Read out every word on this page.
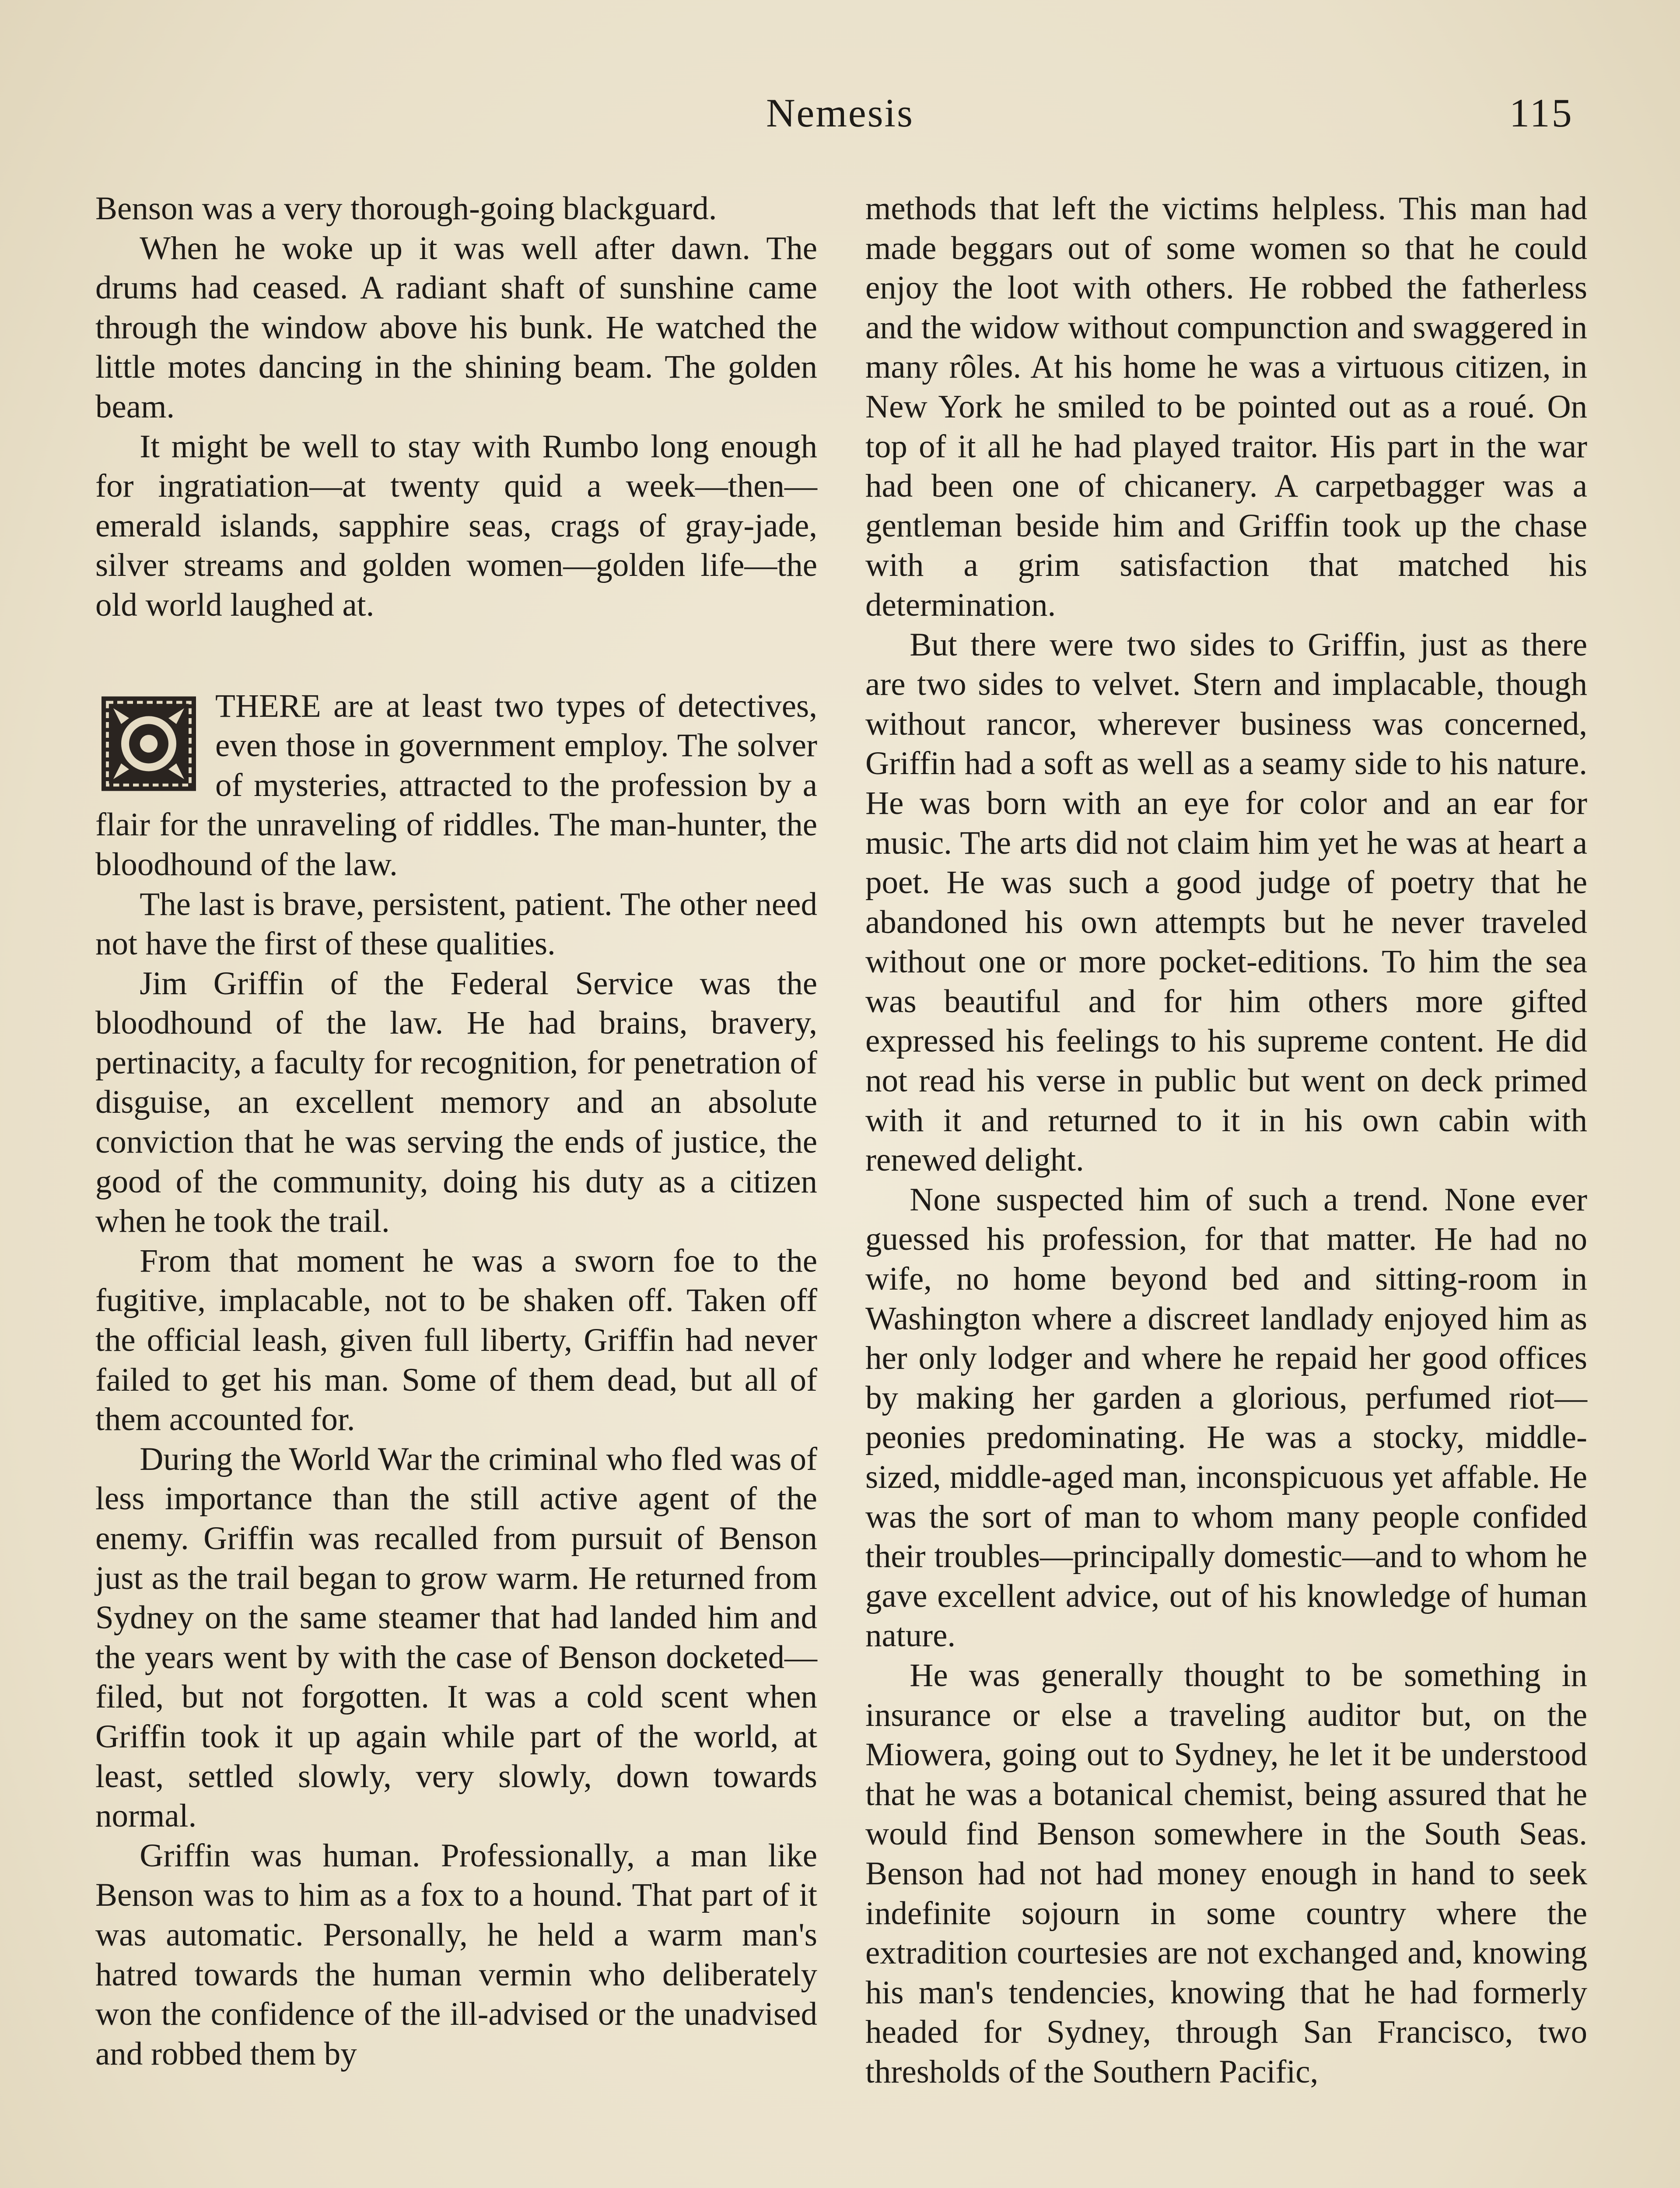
Nemesis	115

Benson was a very thorough-going blackguard.

When he woke up it was well after dawn. The drums had ceased. A radiant shaft of sunshine came through the window above his bunk. He watched the little motes dancing in the shining beam. The golden beam.

It might be well to stay with Rumbo long enough for ingratiation—at twenty quid a week—then—emerald islands, sapphire seas, crags of gray-jade, silver streams and golden women—golden life—the old world laughed at.

THERE are at least two types of detectives, even those in government employ. The solver of mysteries, attracted to the profession by a flair for the unraveling of riddles. The man-hunter, the bloodhound of the law.

The last is brave, persistent, patient. The other need not have the first of these qualities.

Jim Griffin of the Federal Service was the bloodhound of the law. He had brains, bravery, pertinacity, a faculty for recognition, for penetration of disguise, an excellent memory and an absolute conviction that he was serving the ends of justice, the good of the community, doing his duty as a citizen when he took the trail.

From that moment he was a sworn foe to the fugitive, implacable, not to be shaken off. Taken off the official leash, given full liberty, Griffin had never failed to get his man. Some of them dead, but all of them accounted for.

During the World War the criminal who fled was of less importance than the still active agent of the enemy. Griffin was recalled from pursuit of Benson just as the trail began to grow warm. He returned from Sydney on the same steamer that had landed him and the years went by with the case of Benson docketed—filed, but not forgotten. It was a cold scent when Griffin took it up again while part of the world, at least, settled slowly, very slowly, down towards normal.

Griffin was human. Professionally, a man like Benson was to him as a fox to a hound. That part of it was automatic. Personally, he held a warm man's hatred towards the human vermin who deliberately won the confidence of the ill-advised or the unadvised and robbed them by

methods that left the victims helpless. This man had made beggars out of some women so that he could enjoy the loot with others. He robbed the fatherless and the widow without compunction and swaggered in many rôles. At his home he was a virtuous citizen, in New York he smiled to be pointed out as a roué. On top of it all he had played traitor. His part in the war had been one of chicanery. A carpetbagger was a gentleman beside him and Griffin took up the chase with a grim satisfaction that matched his determination.

But there were two sides to Griffin, just as there are two sides to velvet. Stern and implacable, though without rancor, wherever business was concerned, Griffin had a soft as well as a seamy side to his nature. He was born with an eye for color and an ear for music. The arts did not claim him yet he was at heart a poet. He was such a good judge of poetry that he abandoned his own attempts but he never traveled without one or more pocket-editions. To him the sea was beautiful and for him others more gifted expressed his feelings to his supreme content. He did not read his verse in public but went on deck primed with it and returned to it in his own cabin with renewed delight.

None suspected him of such a trend. None ever guessed his profession, for that matter. He had no wife, no home beyond bed and sitting-room in Washington where a discreet landlady enjoyed him as her only lodger and where he repaid her good offices by making her garden a glorious, perfumed riot—peonies predominating. He was a stocky, middle-sized, middle-aged man, inconspicuous yet affable. He was the sort of man to whom many people confided their troubles—principally domestic—and to whom he gave excellent advice, out of his knowledge of human nature.

He was generally thought to be something in insurance or else a traveling auditor but, on the Miowera, going out to Sydney, he let it be understood that he was a botanical chemist, being assured that he would find Benson somewhere in the South Seas. Benson had not had money enough in hand to seek indefinite sojourn in some country where the extradition courtesies are not exchanged and, knowing his man's tendencies, knowing that he had formerly headed for Sydney, through San Francisco, two thresholds of the Southern Pacific,
